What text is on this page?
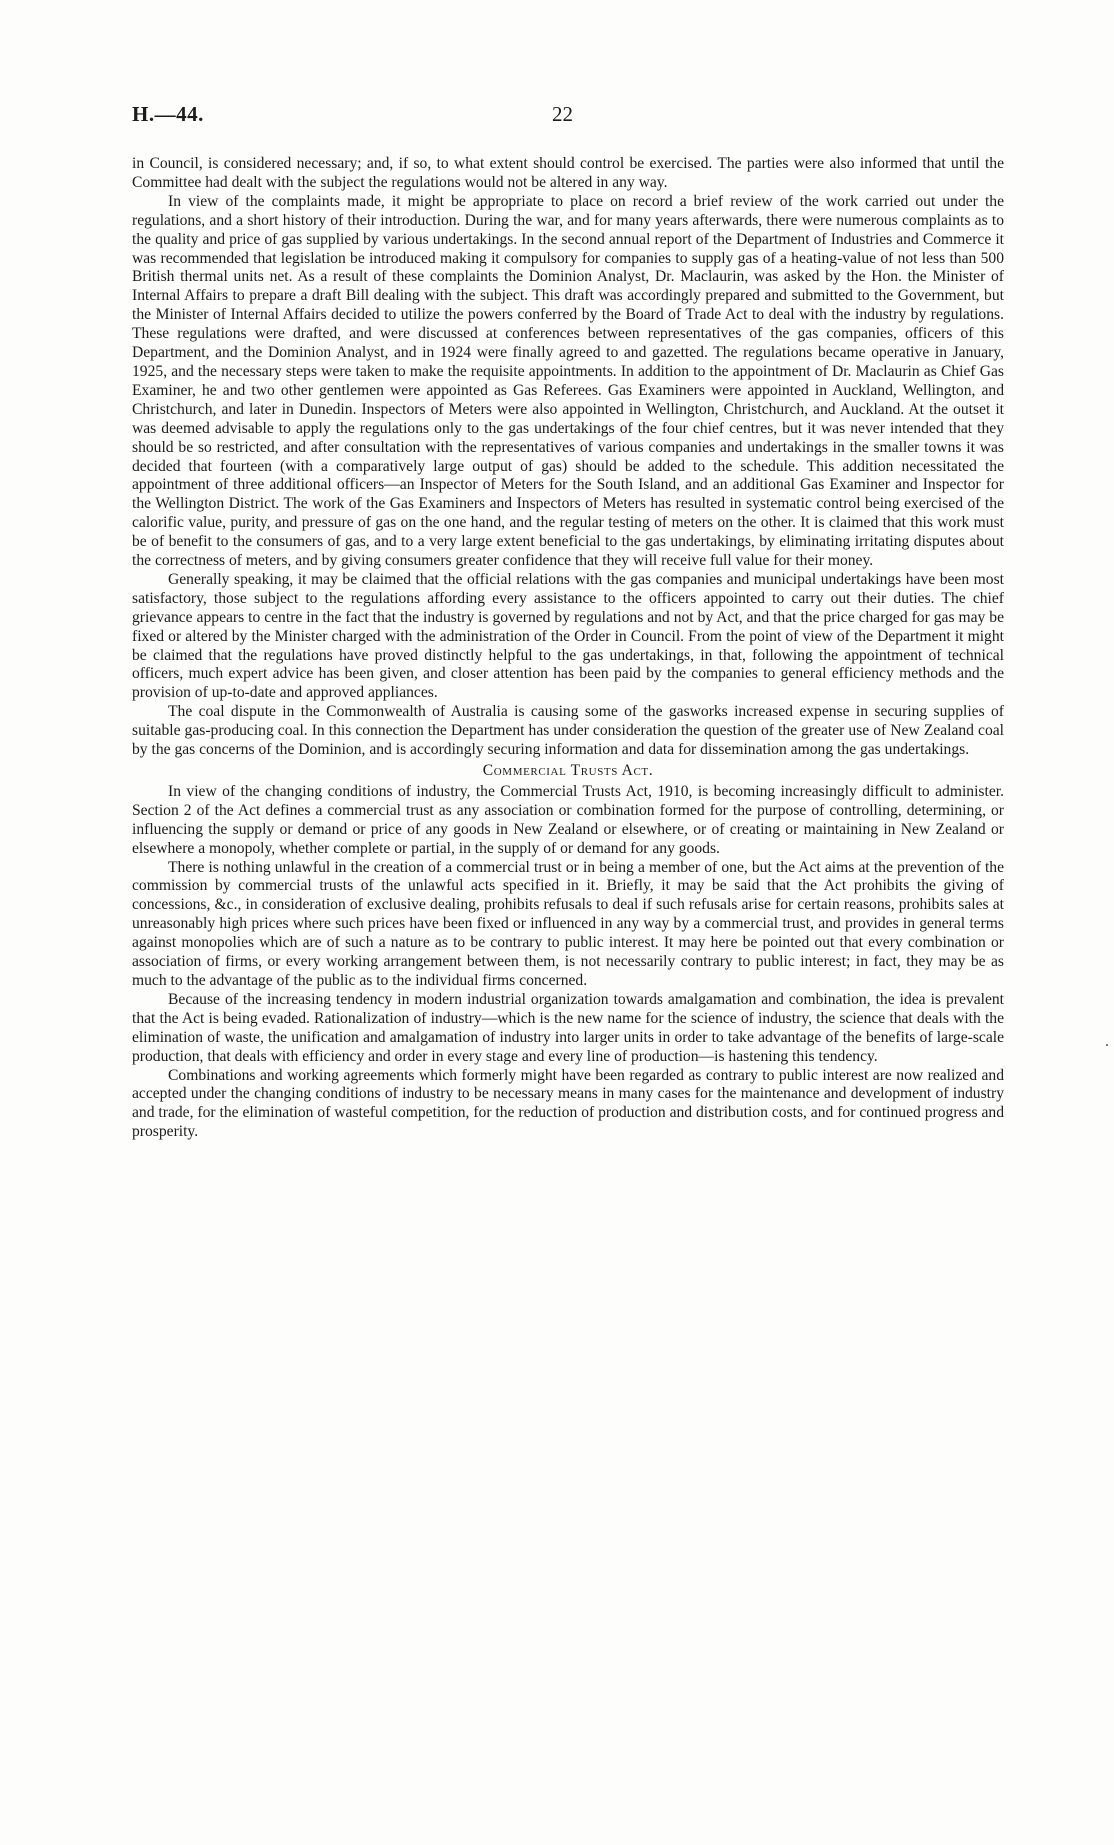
H.—44.	22

in Council, is considered necessary; and, if so, to what extent should control be exercised. The parties were also informed that until the Committee had dealt with the subject the regulations would not be altered in any way.

In view of the complaints made, it might be appropriate to place on record a brief review of the work carried out under the regulations, and a short history of their introduction. During the war, and for many years afterwards, there were numerous complaints as to the quality and price of gas supplied by various undertakings. In the second annual report of the Department of Industries and Commerce it was recommended that legislation be introduced making it compulsory for companies to supply gas of a heating-value of not less than 500 British thermal units net. As a result of these complaints the Dominion Analyst, Dr. Maclaurin, was asked by the Hon. the Minister of Internal Affairs to prepare a draft Bill dealing with the subject. This draft was accordingly prepared and submitted to the Government, but the Minister of Internal Affairs decided to utilize the powers conferred by the Board of Trade Act to deal with the industry by regulations. These regulations were drafted, and were discussed at conferences between representatives of the gas companies, officers of this Department, and the Dominion Analyst, and in 1924 were finally agreed to and gazetted. The regulations became operative in January, 1925, and the necessary steps were taken to make the requisite appointments. In addition to the appointment of Dr. Maclaurin as Chief Gas Examiner, he and two other gentlemen were appointed as Gas Referees. Gas Examiners were appointed in Auckland, Wellington, and Christchurch, and later in Dunedin. Inspectors of Meters were also appointed in Wellington, Christchurch, and Auckland. At the outset it was deemed advisable to apply the regulations only to the gas undertakings of the four chief centres, but it was never intended that they should be so restricted, and after consultation with the representatives of various companies and undertakings in the smaller towns it was decided that fourteen (with a comparatively large output of gas) should be added to the schedule. This addition necessitated the appointment of three additional officers—an Inspector of Meters for the South Island, and an additional Gas Examiner and Inspector for the Wellington District. The work of the Gas Examiners and Inspectors of Meters has resulted in systematic control being exercised of the calorific value, purity, and pressure of gas on the one hand, and the regular testing of meters on the other. It is claimed that this work must be of benefit to the consumers of gas, and to a very large extent beneficial to the gas undertakings, by eliminating irritating disputes about the correctness of meters, and by giving consumers greater confidence that they will receive full value for their money.

Generally speaking, it may be claimed that the official relations with the gas companies and municipal undertakings have been most satisfactory, those subject to the regulations affording every assistance to the officers appointed to carry out their duties. The chief grievance appears to centre in the fact that the industry is governed by regulations and not by Act, and that the price charged for gas may be fixed or altered by the Minister charged with the administration of the Order in Council. From the point of view of the Department it might be claimed that the regulations have proved distinctly helpful to the gas undertakings, in that, following the appointment of technical officers, much expert advice has been given, and closer attention has been paid by the companies to general efficiency methods and the provision of up-to-date and approved appliances.

The coal dispute in the Commonwealth of Australia is causing some of the gasworks increased expense in securing supplies of suitable gas-producing coal. In this connection the Department has under consideration the question of the greater use of New Zealand coal by the gas concerns of the Dominion, and is accordingly securing information and data for dissemination among the gas undertakings.

Commercial Trusts Act.

In view of the changing conditions of industry, the Commercial Trusts Act, 1910, is becoming increasingly difficult to administer. Section 2 of the Act defines a commercial trust as any association or combination formed for the purpose of controlling, determining, or influencing the supply or demand or price of any goods in New Zealand or elsewhere, or of creating or maintaining in New Zealand or elsewhere a monopoly, whether complete or partial, in the supply of or demand for any goods.

There is nothing unlawful in the creation of a commercial trust or in being a member of one, but the Act aims at the prevention of the commission by commercial trusts of the unlawful acts specified in it. Briefly, it may be said that the Act prohibits the giving of concessions, &c., in consideration of exclusive dealing, prohibits refusals to deal if such refusals arise for certain reasons, prohibits sales at unreasonably high prices where such prices have been fixed or influenced in any way by a commercial trust, and provides in general terms against monopolies which are of such a nature as to be contrary to public interest. It may here be pointed out that every combination or association of firms, or every working arrangement between them, is not necessarily contrary to public interest; in fact, they may be as much to the advantage of the public as to the individual firms concerned.

Because of the increasing tendency in modern industrial organization towards amalgamation and combination, the idea is prevalent that the Act is being evaded. Rationalization of industry—which is the new name for the science of industry, the science that deals with the elimination of waste, the unification and amalgamation of industry into larger units in order to take advantage of the benefits of large-scale production, that deals with efficiency and order in every stage and every line of production—is hastening this tendency.

Combinations and working agreements which formerly might have been regarded as contrary to public interest are now realized and accepted under the changing conditions of industry to be necessary means in many cases for the maintenance and development of industry and trade, for the elimination of wasteful competition, for the reduction of production and distribution costs, and for continued progress and prosperity.
